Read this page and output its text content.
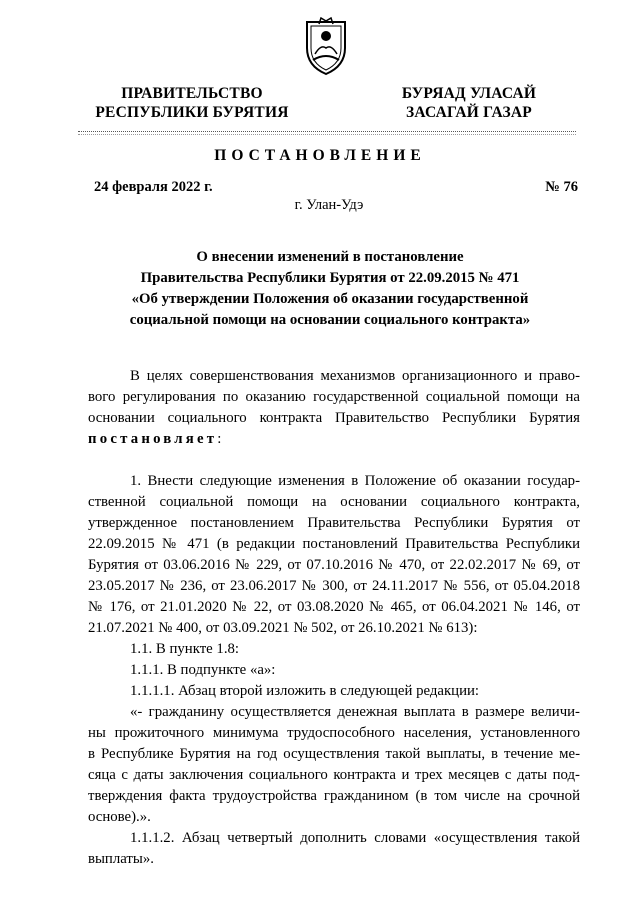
ПРАВИТЕЛЬСТВО
РЕСПУБЛИКИ БУРЯТИЯ
БУРЯАД УЛАСАЙ
ЗАСАГАЙ ГАЗАР
ПОСТАНОВЛЕНИЕ
24 февраля 2022 г.	№ 76
г. Улан-Удэ
О внесении изменений в постановление
Правительства Республики Бурятия от 22.09.2015 № 471
«Об утверждении Положения об оказании государственной
социальной помощи на основании социального контракта»
В целях совершенствования механизмов организационного и право-
вого регулирования по оказанию государственной социальной помощи на
основании социального контракта Правительство Республики Бурятия
постановляет:
1. Внести следующие изменения в Положение об оказании государ-
ственной социальной помощи на основании социального контракта,
утвержденное постановлением Правительства Республики Бурятия от
22.09.2015 № 471 (в редакции постановлений Правительства Республики
Бурятия от 03.06.2016 № 229, от 07.10.2016 № 470, от 22.02.2017 № 69, от
23.05.2017 № 236, от 23.06.2017 № 300, от 24.11.2017 № 556, от 05.04.2018
№ 176, от 21.01.2020 № 22, от 03.08.2020 № 465, от 06.04.2021 № 146, от
21.07.2021 № 400, от 03.09.2021 № 502, от 26.10.2021 № 613):
1.1. В пункте 1.8:
1.1.1. В подпункте «а»:
1.1.1.1. Абзац второй изложить в следующей редакции:
«- гражданину осуществляется денежная выплата в размере величи-
ны прожиточного минимума трудоспособного населения, установленного
в Республике Бурятия на год осуществления такой выплаты, в течение ме-
сяца с даты заключения социального контракта и трех месяцев с даты под-
тверждения факта трудоустройства гражданином (в том числе на срочной
основе).».
1.1.1.2. Абзац четвертый дополнить словами «осуществления такой
выплаты».
